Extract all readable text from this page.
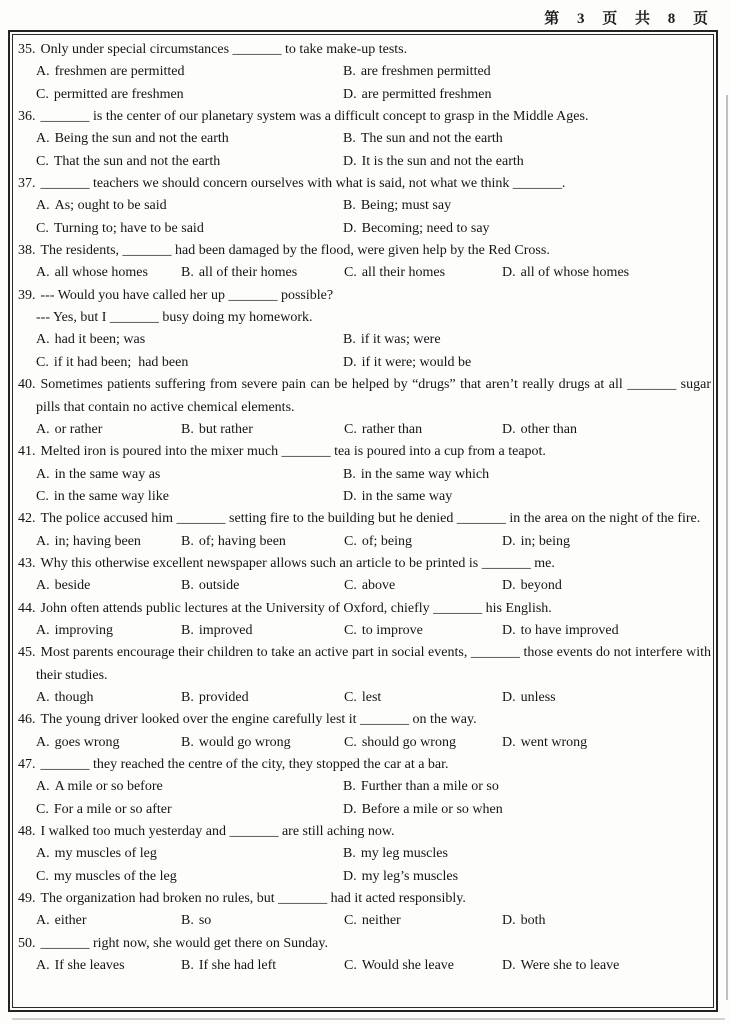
第 3 页 共 8 页

35. Only under special circumstances _______ to take make-up tests.

A. freshmen are permitted	B. are freshmen permitted
C. permitted are freshmen	D. are permitted freshmen

36. _______ is the center of our planetary system was a difficult concept to grasp in the Middle Ages.

A. Being the sun and not the earth	B. The sun and not the earth
C. That the sun and not the earth	D. It is the sun and not the earth

37. _______ teachers we should concern ourselves with what is said, not what we think _______.

A. As; ought to be said	B. Being; must say
C. Turning to; have to be said	D. Becoming; need to say

38. The residents, _______ had been damaged by the flood, were given help by the Red Cross.

A. all whose homes	B. all of their homes	C. all their homes	D. all of whose homes

39. --- Would you have called her up _______ possible?

--- Yes, but I _______ busy doing my homework.

A. had it been; was	B. if it was; were
C. if it had been;  had been	D. if it were; would be

40. Sometimes patients suffering from severe pain can be helped by “drugs” that aren’t really drugs at all _______ sugar pills that contain no active chemical elements.

A. or rather	B. but rather	C. rather than	D. other than

41. Melted iron is poured into the mixer much _______ tea is poured into a cup from a teapot.

A. in the same way as	B. in the same way which
C. in the same way like	D. in the same way

42. The police accused him _______ setting fire to the building but he denied _______ in the area on the night of the fire.

A. in; having been	B. of; having been	C. of; being	D. in; being

43. Why this otherwise excellent newspaper allows such an article to be printed is _______ me.

A. beside	B. outside	C. above	D. beyond

44. John often attends public lectures at the University of Oxford, chiefly _______ his English.

A. improving	B. improved	C. to improve	D. to have improved

45. Most parents encourage their children to take an active part in social events, _______ those events do not interfere with their studies.

A. though	B. provided	C. lest	D. unless

46. The young driver looked over the engine carefully lest it _______ on the way.

A. goes wrong	B. would go wrong	C. should go wrong	D. went wrong

47. _______ they reached the centre of the city, they stopped the car at a bar.

A. A mile or so before	B. Further than a mile or so
C. For a mile or so after	D. Before a mile or so when

48. I walked too much yesterday and _______ are still aching now.

A. my muscles of leg	B. my leg muscles
C. my muscles of the leg	D. my leg’s muscles

49. The organization had broken no rules, but _______ had it acted responsibly.

A. either	B. so	C. neither	D. both

50. _______ right now, she would get there on Sunday.

A. If she leaves	B. If she had left	C. Would she leave	D. Were she to leave
